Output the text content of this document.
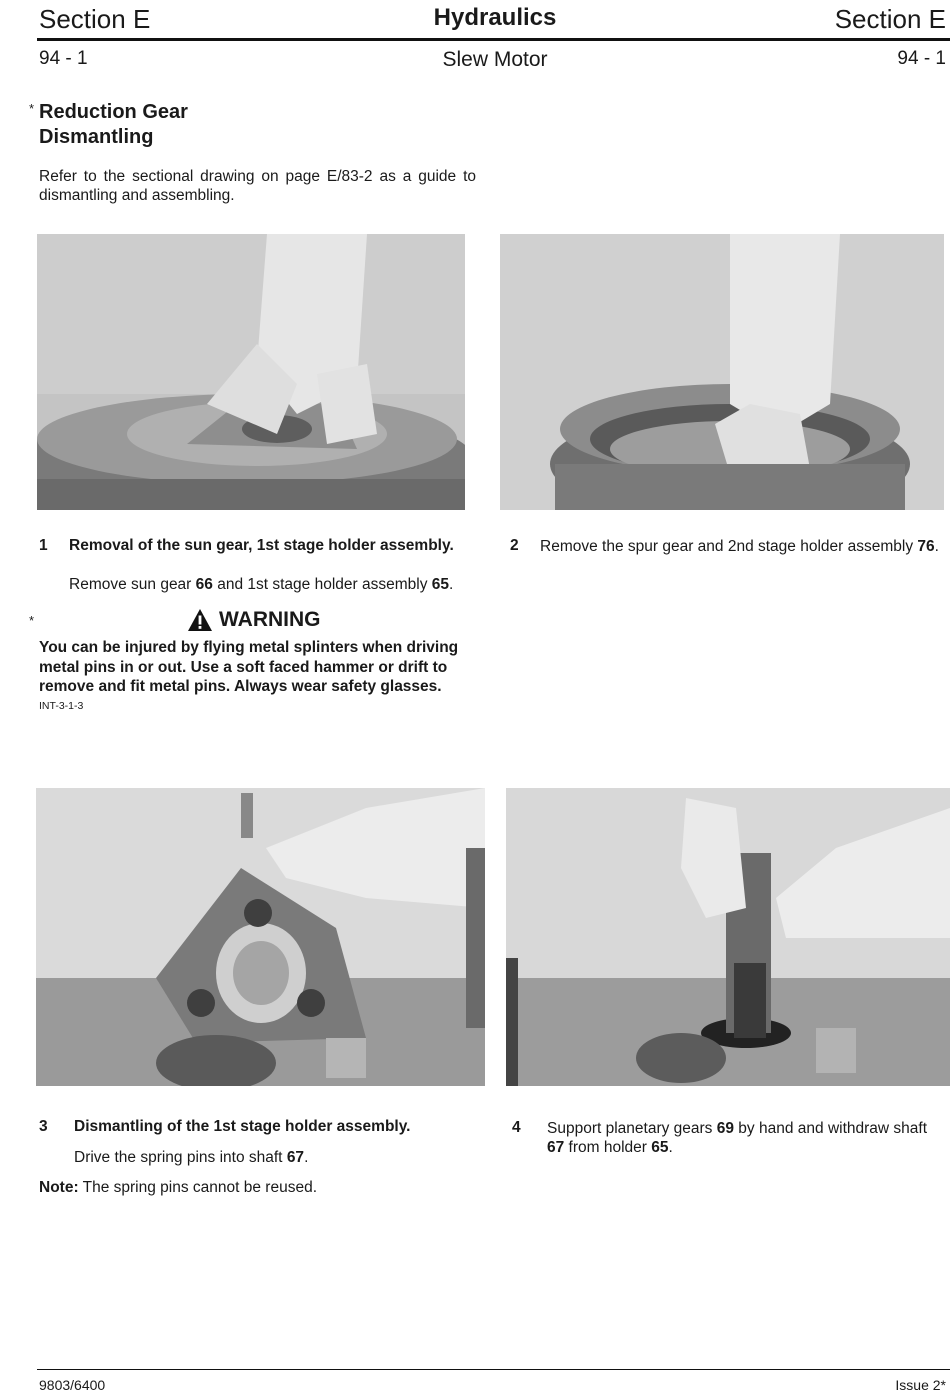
Section E	Hydraulics	Section E
94 - 1	Slew Motor	94 - 1
* Reduction Gear
Dismantling
Refer to the sectional drawing on page E/83-2 as a guide to dismantling and assembling.
1 Removal of the sun gear, 1st stage holder assembly.
Remove sun gear 66 and 1st stage holder assembly 65.
2 Remove the spur gear and 2nd stage holder assembly 76.
*	WARNING
You can be injured by flying metal splinters when driving metal pins in or out. Use a soft faced hammer or drift to remove and fit metal pins. Always wear safety glasses.
INT-3-1-3
3 Dismantling of the 1st stage holder assembly.
Drive the spring pins into shaft 67.
Note: The spring pins cannot be reused.
4 Support planetary gears 69 by hand and withdraw shaft 67 from holder 65.
9803/6400	Issue 2*
